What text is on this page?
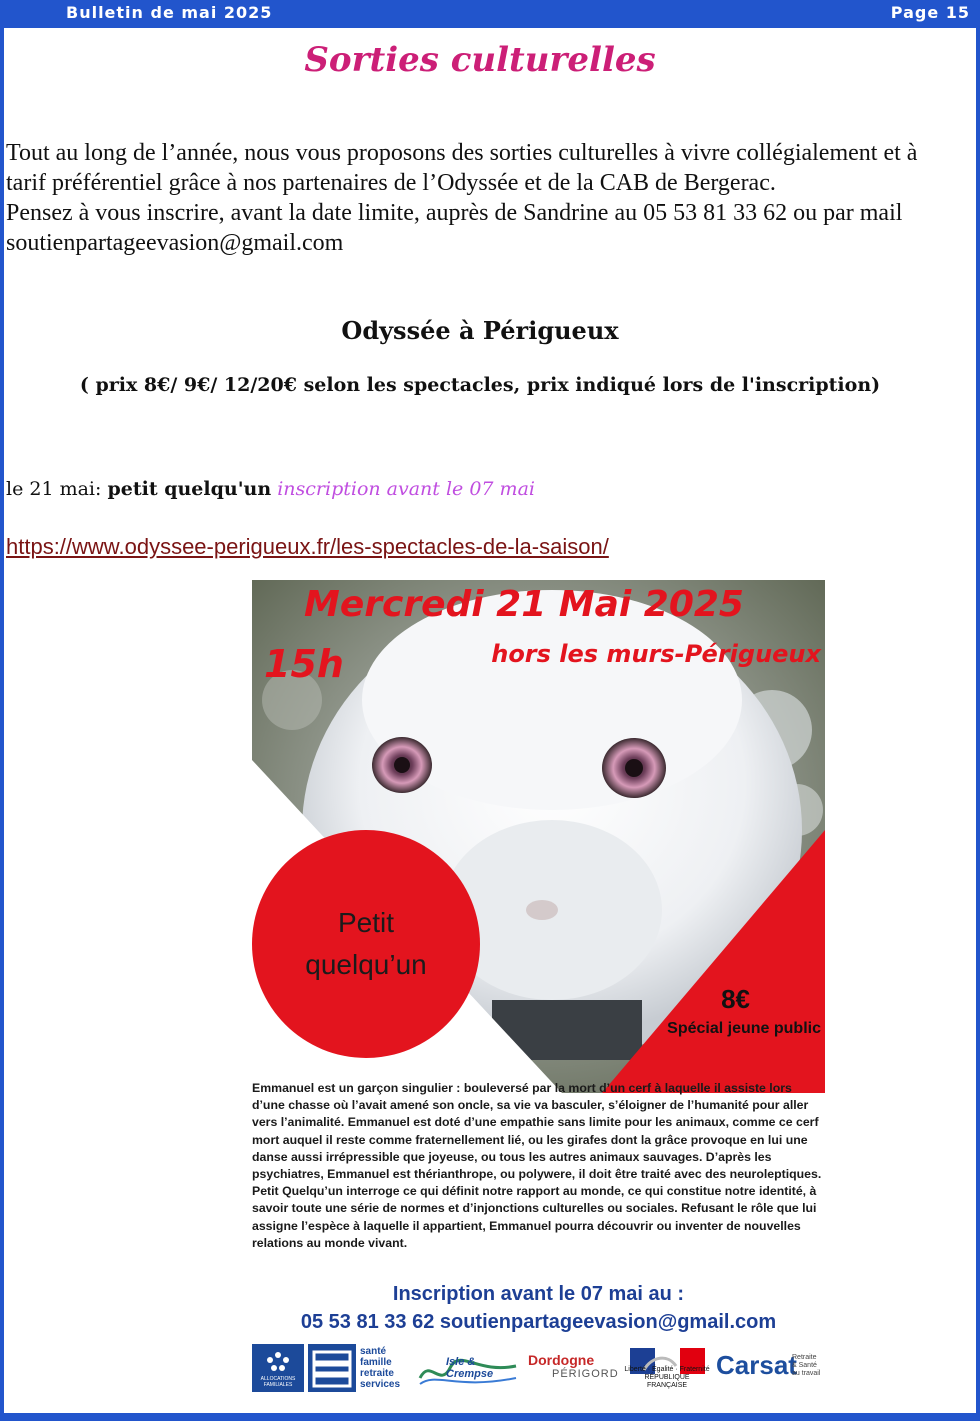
Bulletin de mai 2025	Page 15
Sorties culturelles

Tout au long de l’année, nous vous proposons des sorties culturelles à vivre collégialement et à tarif préférentiel grâce à nos partenaires de l’Odyssée et de la CAB de Bergerac.

Pensez à vous inscrire, avant la date limite, auprès de Sandrine au 05 53 81 33 62 ou par mail soutienpartageevasion@gmail.com

Odyssée à Périgueux
( prix 8€/ 9€/ 12/20€ selon les spectacles, prix indiqué lors de l'inscription)
le 21 mai: petit quelqu'un inscription avant le 07 mai
https://www.odyssee-perigueux.fr/les-spectacles-de-la-saison/
Mercredi 21 Mai 2025
15h	hors les murs-Périgueux
Petit
quelqu’un
8€
Spécial jeune public

Emmanuel est un garçon singulier : bouleversé par la mort d’un cerf à laquelle il assiste lors d’une chasse où l’avait amené son oncle, sa vie va basculer, s’éloigner de l’humanité pour aller vers l’animalité. Emmanuel est doté d’une empathie sans limite pour les animaux, comme ce cerf mort auquel il reste comme fraternellement lié, ou les girafes dont la grâce provoque en lui une danse aussi irrépressible que joyeuse, ou tous les autres animaux sauvages. D’après les psychiatres, Emmanuel est thérianthrope, ou polywere, il doit être traité avec des neuroleptiques.

Petit Quelqu’un interroge ce qui définit notre rapport au monde, ce qui constitue notre identité, à savoir toute une série de normes et d’injonctions culturelles ou sociales. Refusant le rôle que lui assigne l’espèce à laquelle il appartient, Emmanuel pourra découvrir ou inventer de nouvelles relations au monde vivant.

Inscription avant le 07 mai au :
05 53 81 33 62 soutienpartageevasion@gmail.com
ALLOCATIONS FAMILIALES
santé
famille
retraite
services
Isle & Crempse
Dordogne
PÉRIGORD Liberté · Égalité · Fraternité RÉPUBLIQUE FRANÇAISE
Carsat
Retraite
& Santé
au travail
